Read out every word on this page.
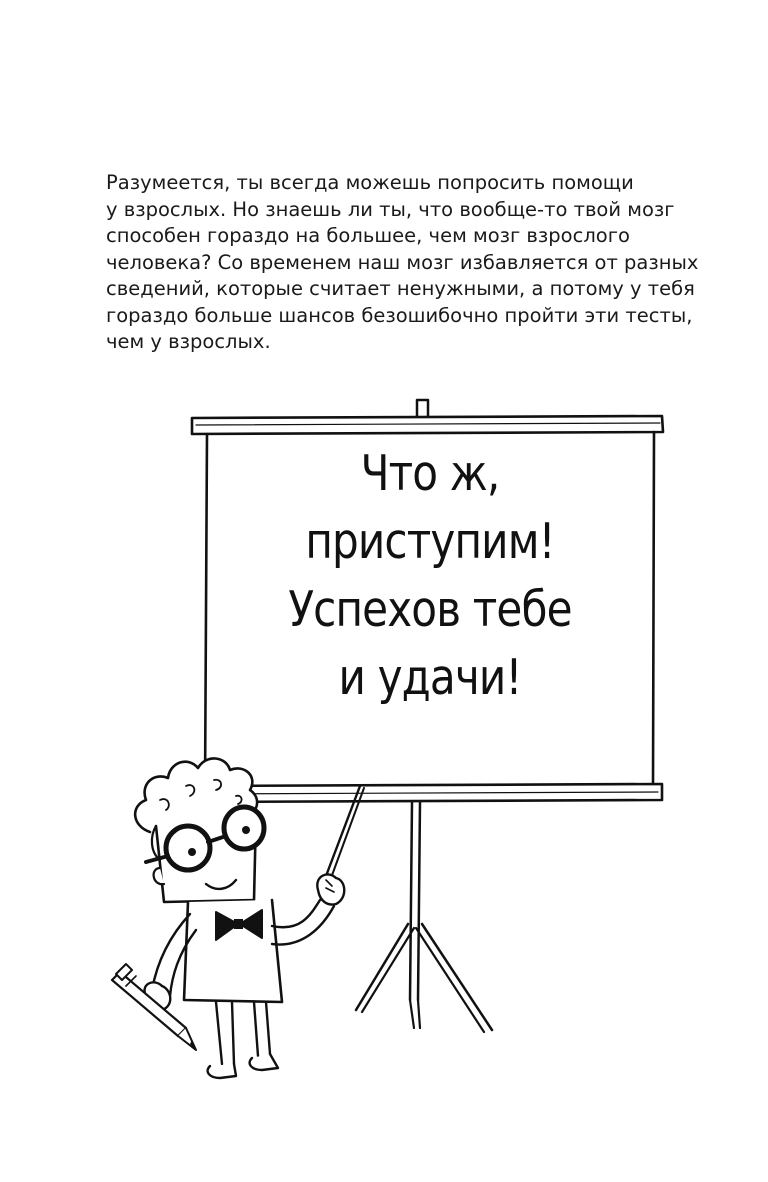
Разумеется, ты всегда можешь попросить помощи
у взрослых. Но знаешь ли ты, что вообще-то твой мозг
способен гораздо на большее, чем мозг взрослого
человека? Со временем наш мозг избавляется от разных
сведений, которые считает ненужными, а потому у тебя
гораздо больше шансов безошибочно пройти эти тесты,
чем у взрослых.
Что ж,
приступим!
Успехов тебе
и удачи!
